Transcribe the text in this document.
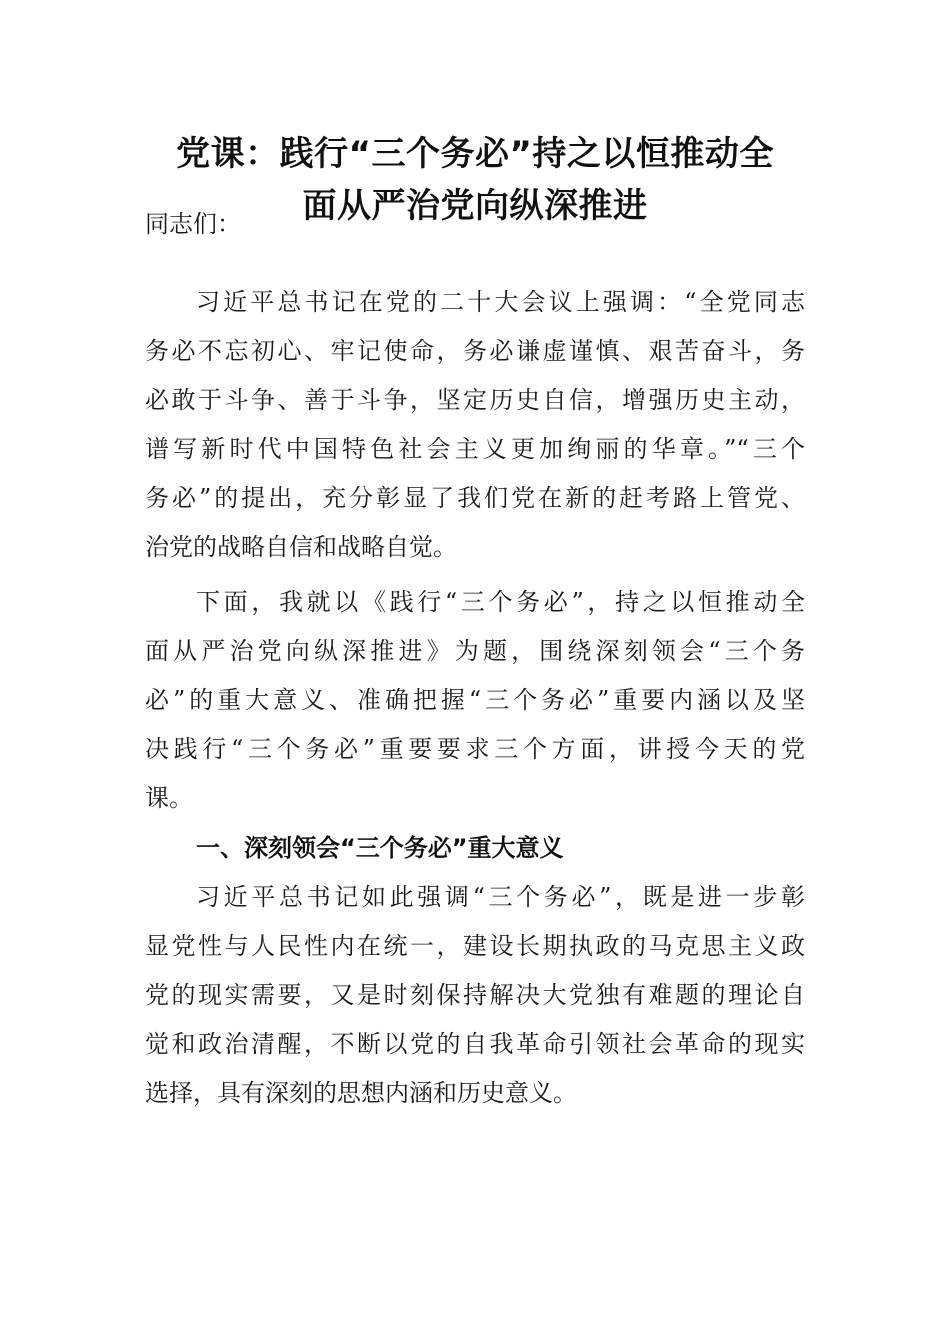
党课：践行“三个务必”持之以恒推动全
面从严治党向纵深推进

同志们：

习近平总书记在党的二十大会议上强调：“全党同志
务必不忘初心、牢记使命，务必谦虚谨慎、艰苦奋斗，务
必敢于斗争、善于斗争，坚定历史自信，增强历史主动，
谱写新时代中国特色社会主义更加绚丽的华章。”“三个
务必”的提出，充分彰显了我们党在新的赶考路上管党、
治党的战略自信和战略自觉。
下面，我就以《践行“三个务必”，持之以恒推动全
面从严治党向纵深推进》为题，围绕深刻领会“三个务
必”的重大意义、准确把握“三个务必”重要内涵以及坚
决践行“三个务必”重要要求三个方面，讲授今天的党
课。
一、深刻领会“三个务必”重大意义
习近平总书记如此强调“三个务必”，既是进一步彰
显党性与人民性内在统一，建设长期执政的马克思主义政
党的现实需要，又是时刻保持解决大党独有难题的理论自
觉和政治清醒，不断以党的自我革命引领社会革命的现实
选择，具有深刻的思想内涵和历史意义。
